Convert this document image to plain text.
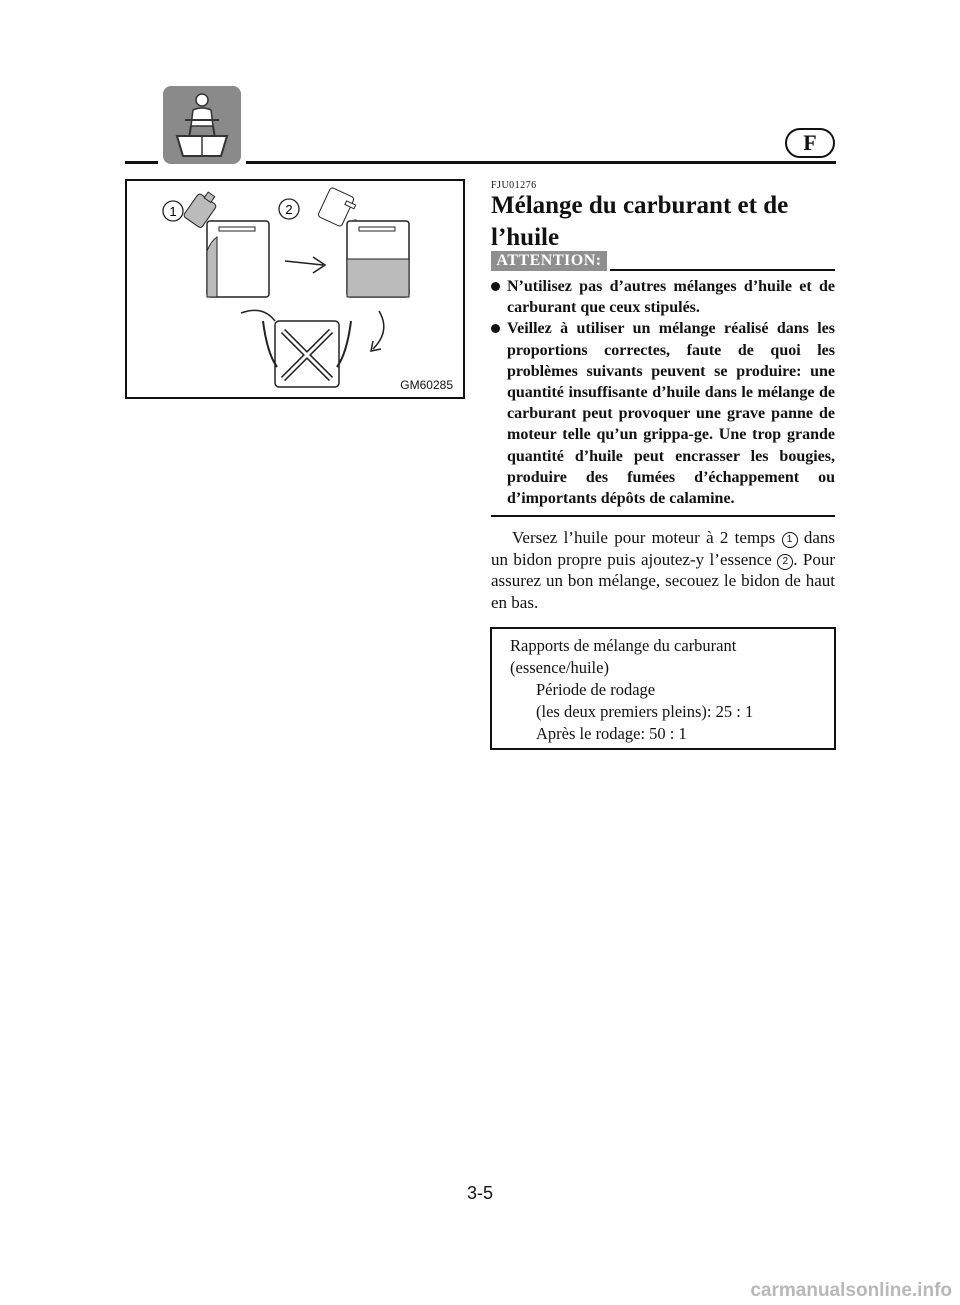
F
1	2
GM60285
FJU01276
Mélange du carburant et de
l’huile
ATTENTION:
N’utilisez pas d’autres mélanges d’huile et de carburant que ceux stipulés.
Veillez à utiliser un mélange réalisé dans les proportions correctes, faute de quoi les problèmes suivants peuvent se produire: une quantité insuffisante d’huile dans le mélange de carburant peut provoquer une grave panne de moteur telle qu’un grippa-ge. Une trop grande quantité d’huile peut encrasser les bougies, produire des fumées d’échappement ou d’importants dépôts de calamine.

Versez l’huile pour moteur à 2 temps 1 dans un bidon propre puis ajoutez-y l’essence 2 . Pour assurez un bon mélange, secouez le bidon de haut en bas.

Rapports de mélange du carburant
(essence/huile)
Période de rodage
(les deux premiers pleins): 25 : 1
Après le rodage: 50 : 1
3-5
carmanualsonline.info
